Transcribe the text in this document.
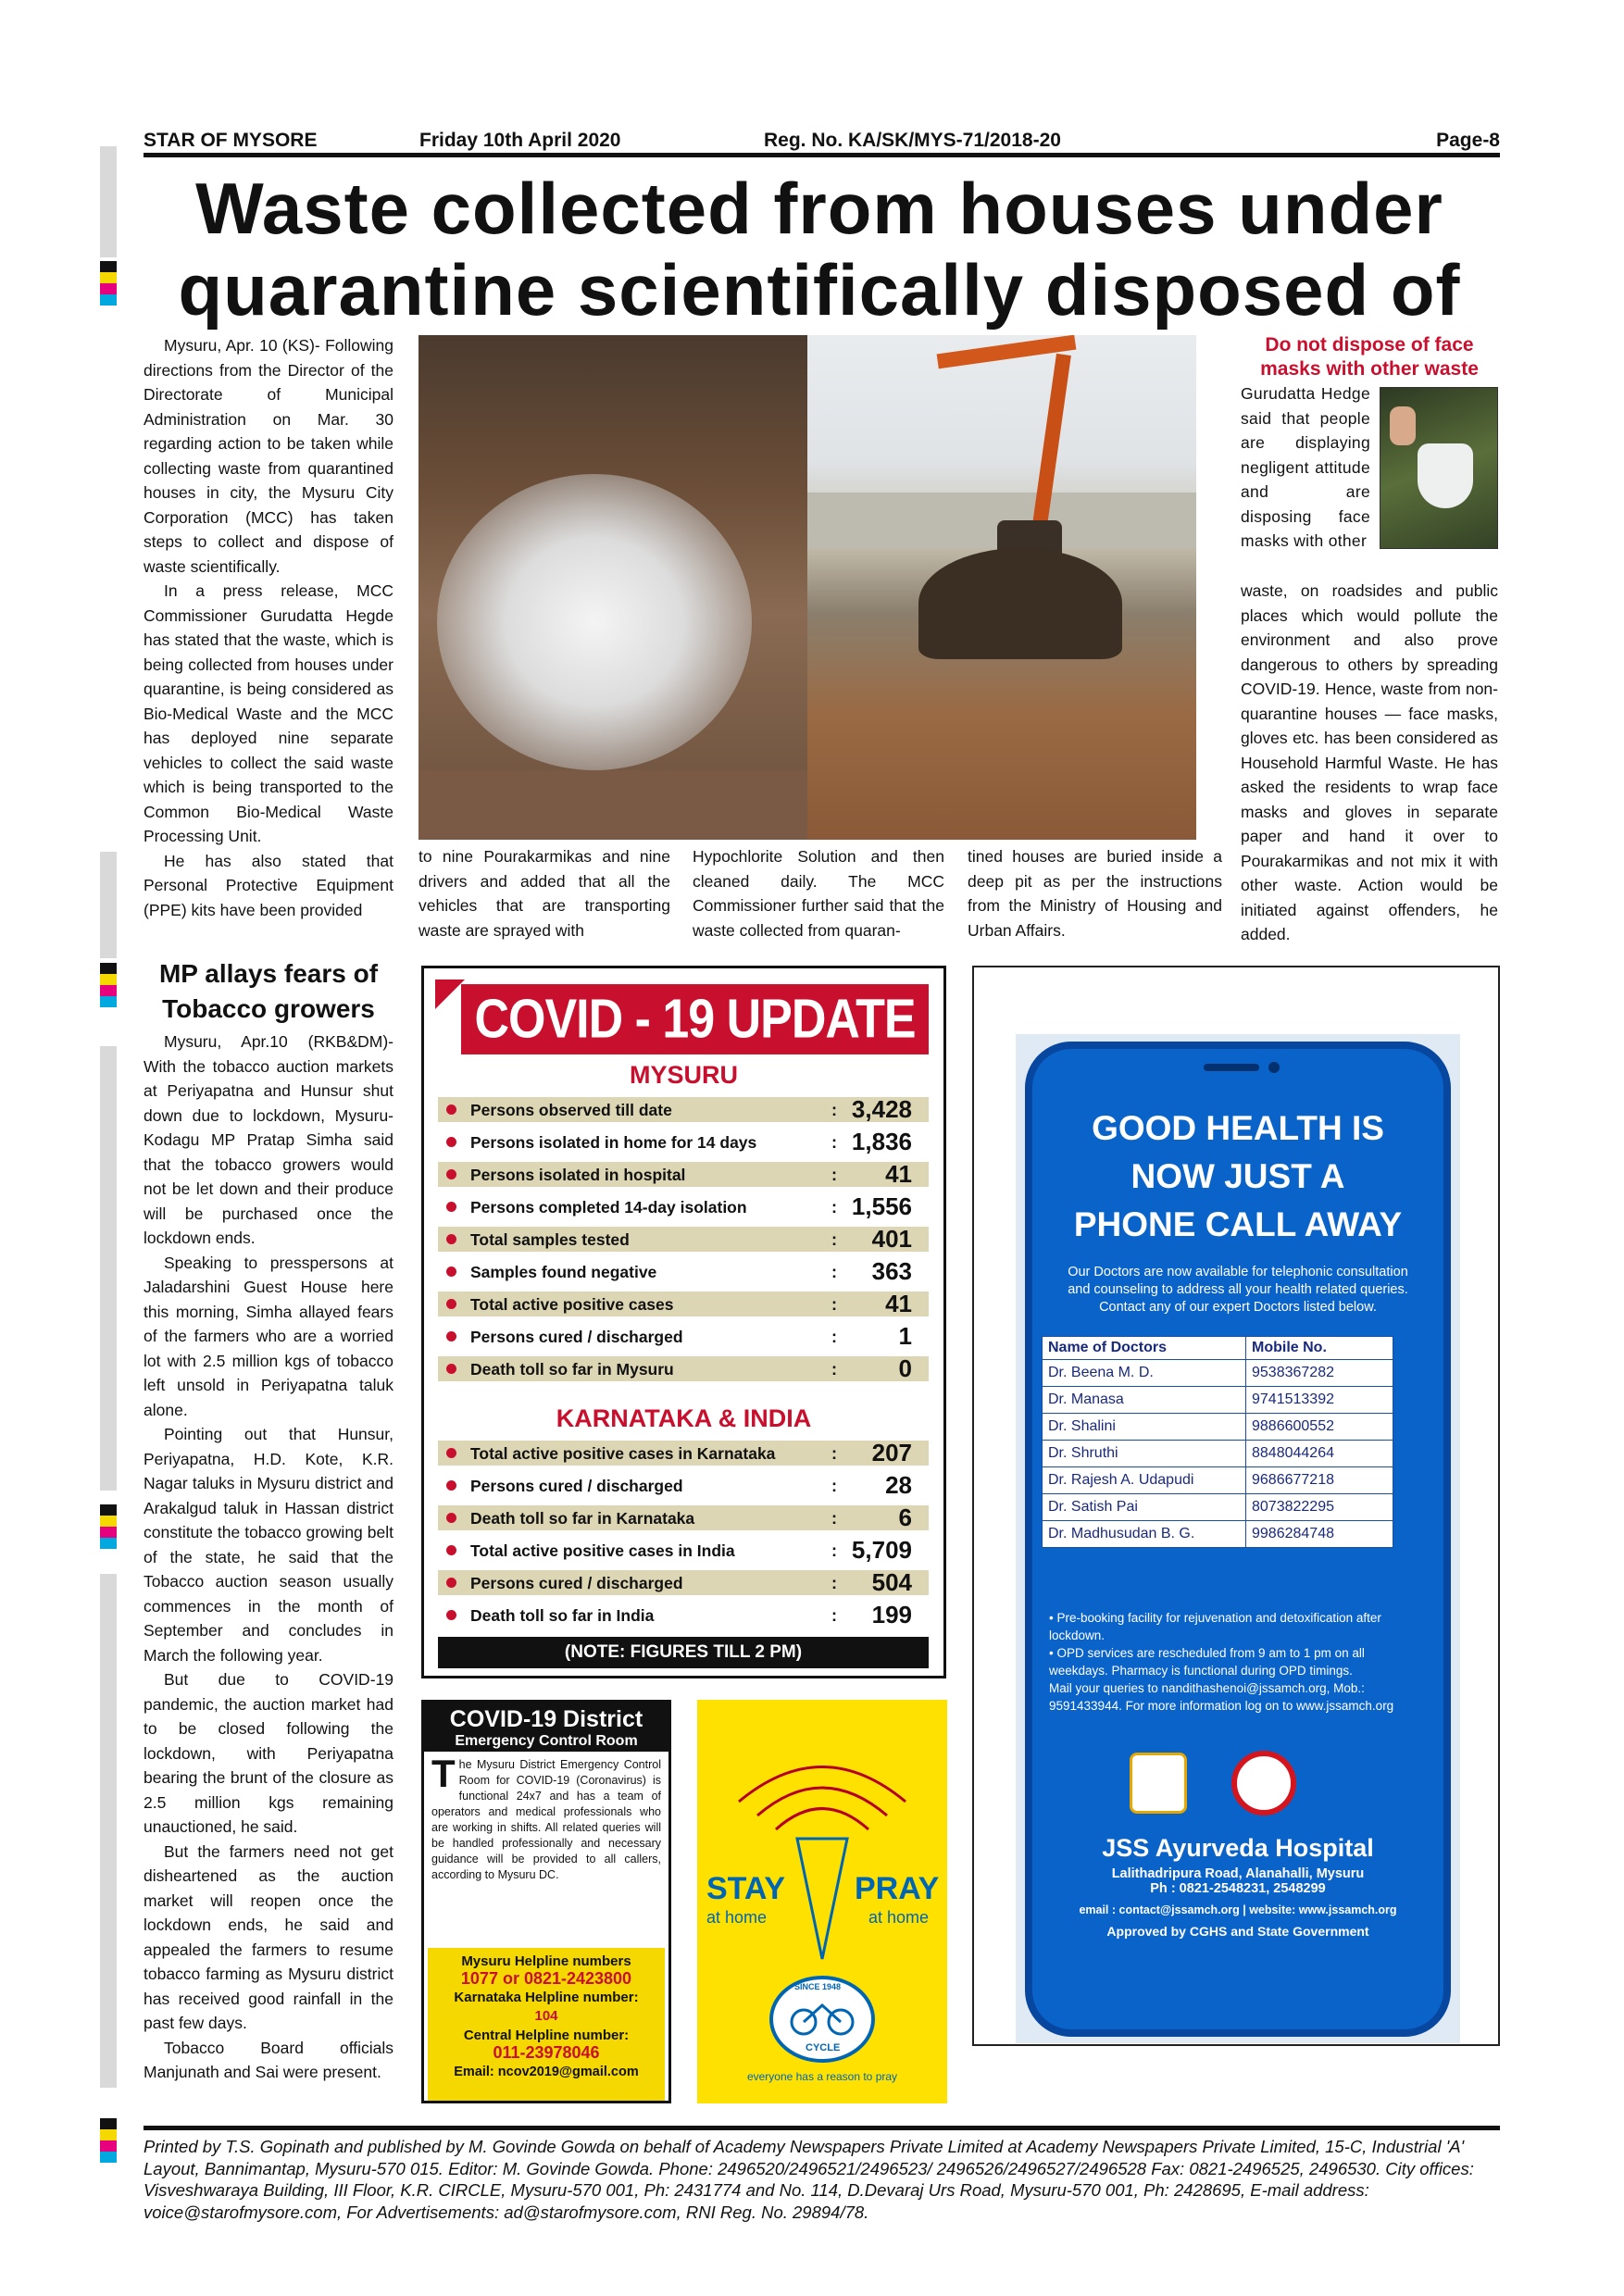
STAR OF MYSORE	Friday 10th April 2020	Reg. No. KA/SK/MYS-71/2018-20	Page-8
Waste collected from houses under
quarantine scientifically disposed of

Mysuru, Apr. 10 (KS)- Following directions from the Director of the Directorate of Municipal Administration on Mar. 30 regarding action to be taken while collecting waste from quarantined houses in city, the Mysuru City Corporation (MCC) has taken steps to collect and dispose of waste scientifically.

In a press release, MCC Commissioner Gurudatta Hegde has stated that the waste, which is being collected from houses under quarantine, is being considered as Bio-Medical Waste and the MCC has deployed nine separate vehicles to collect the said waste which is being transported to the Common Bio-Medical Waste Processing Unit.

He has also stated that Personal Protective Equipment (PPE) kits have been provided

to nine Pourakarmikas and nine drivers and added that all the vehicles that are transporting waste are sprayed with
Hypochlorite Solution and then cleaned daily. The MCC Commissioner further said that the waste collected from quaran-
tined houses are buried inside a deep pit as per the instructions from the Ministry of Housing and Urban Affairs.
Do not dispose of face masks with other waste
Gurudatta Hedge said that people are displaying negligent attitude and are disposing face masks with other
waste, on roadsides and public places which would pollute the environment and also prove dangerous to others by spreading COVID-19. Hence, waste from non-quarantine houses — face masks, gloves etc. has been considered as Household Harmful Waste. He has asked the residents to wrap face masks and gloves in separate paper and hand it over to Pourakarmikas and not mix it with other waste. Action would be initiated against offenders, he added.
MP allays fears of Tobacco growers

Mysuru, Apr.10 (RKB&DM)- With the tobacco auction markets at Periyapatna and Hunsur shut down due to lockdown, Mysuru-Kodagu MP Pratap Simha said that the tobacco growers would not be let down and their produce will be purchased once the lockdown ends.

Speaking to presspersons at Jaladarshini Guest House here this morning, Simha allayed fears of the farmers who are a worried lot with 2.5 million kgs of tobacco left unsold in Periyapatna taluk alone.

Pointing out that Hunsur, Periyapatna, H.D. Kote, K.R. Nagar taluks in Mysuru district and Arakalgud taluk in Hassan district constitute the tobacco growing belt of the state, he said that the Tobacco auction season usually commences in the month of September and concludes in March the following year.

But due to COVID-19 pandemic, the auction market had to be closed following the lockdown, with Periyapatna bearing the brunt of the closure as 2.5 million kgs remaining unauctioned, he said.

But the farmers need not get disheartened as the auction market will reopen once the lockdown ends, he said and appealed the farmers to resume tobacco farming as Mysuru district has received good rainfall in the past few days.

Tobacco Board officials Manjunath and Sai were present.

COVID - 19 UPDATE
MYSURU
Persons observed till date	: 3,428
Persons isolated in home for 14 days	: 1,836
Persons isolated in hospital	: 41
Persons completed 14-day isolation	: 1,556
Total samples tested	: 401
Samples found negative	: 363
Total active positive cases	: 41
Persons cured / discharged	:	1
Death toll so far in Mysuru	:	0
KARNATAKA & INDIA
Total active positive cases in Karnataka	: 207
Persons cured / discharged	: 28
Death toll so far in Karnataka	:	6
Total active positive cases in India	: 5,709
Persons cured / discharged	: 504
Death toll so far in India	: 199
(NOTE: FIGURES TILL 2 PM)
COVID-19 District
Emergency Control Room
The Mysuru District Emergency Control Room for COVID-19 (Coronavirus) is functional 24x7 and has a team of operators and medical professionals who are working in shifts. All related queries will be handled professionally and necessary guidance will be provided to all callers, according to Mysuru DC.
Mysuru Helpline numbers
1077 or 0821-2423800
Karnataka Helpline number: 104
Central Helpline number:
011-23978046
Email: ncov2019@gmail.com
STAY
at home
PRAY
at home
SINCE 1948
CYCLE
everyone has a reason to pray
GOOD HEALTH IS
NOW JUST A
PHONE CALL AWAY
Our Doctors are now available for telephonic consultation and counseling to address all your health related queries. Contact any of our expert Doctors listed below.
Name of Doctors	Mobile No.
Dr. Beena M. D.	9538367282
Dr. Manasa	9741513392
Dr. Shalini	9886600552
Dr. Shruthi	8848044264
Dr. Rajesh A. Udapudi	9686677218
Dr. Satish Pai	8073822295
Dr. Madhusudan B. G.	9986284748
• Pre-booking facility for rejuvenation and detoxification after lockdown.
• OPD services are rescheduled from 9 am to 1 pm on all weekdays. Pharmacy is functional during OPD timings.
Mail your queries to nandithashenoi@jssamch.org, Mob.: 9591433944. For more information log on to www.jssamch.org
JSS Ayurveda Hospital
Lalithadripura Road, Alanahalli, Mysuru
Ph : 0821-2548231, 2548299
email : contact@jssamch.org | website: www.jssamch.org
Approved by CGHS and State Government
Printed by T.S. Gopinath and published by M. Govinde Gowda on behalf of Academy Newspapers Private Limited at Academy Newspapers Private Limited, 15-C, Industrial 'A' Layout, Bannimantap, Mysuru-570 015. Editor: M. Govinde Gowda. Phone: 2496520/2496521/2496523/ 2496526/2496527/2496528 Fax: 0821-2496525, 2496530. City offices: Visveshwaraya Building, III Floor, K.R. CIRCLE, Mysuru-570 001, Ph: 2431774 and No. 114, D.Devaraj Urs Road, Mysuru-570 001, Ph: 2428695, E-mail address: voice@starofmysore.com, For Advertisements: ad@starofmysore.com, RNI Reg. No. 29894/78.
